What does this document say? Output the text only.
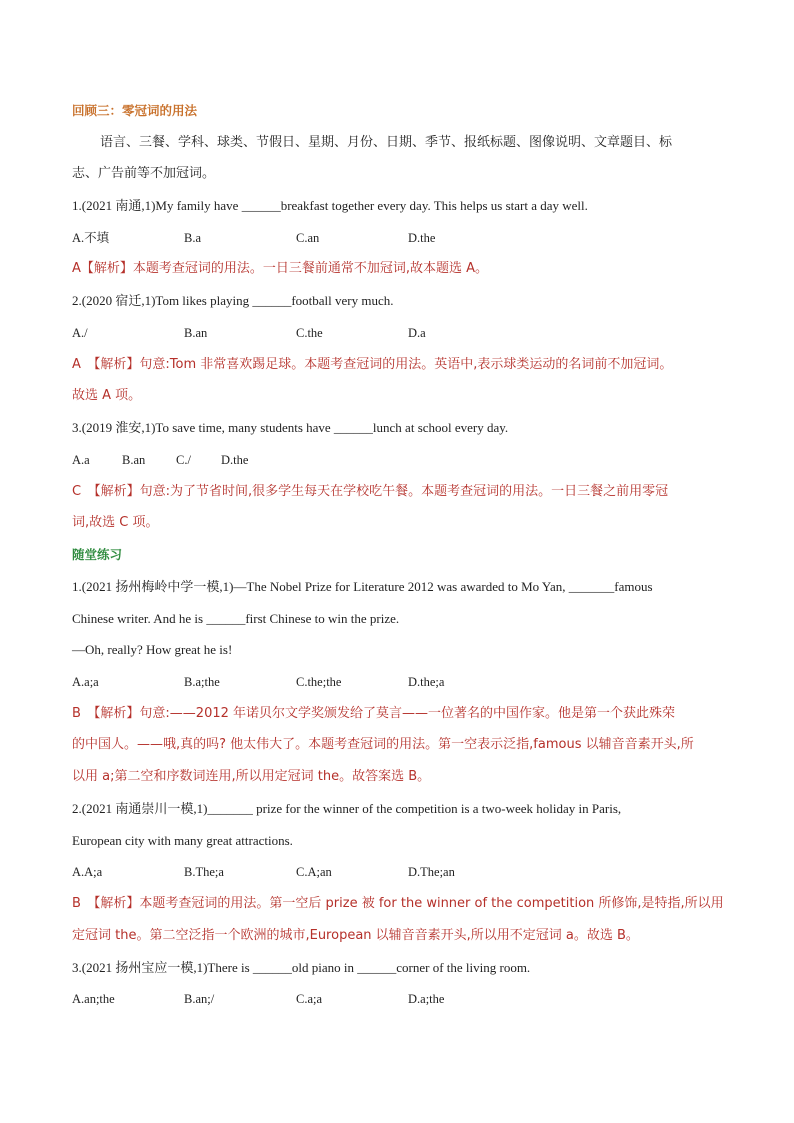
回顾三：零冠词的用法
语言、三餐、学科、球类、节假日、星期、月份、日期、季节、报纸标题、图像说明、文章题目、标
志、广告前等不加冠词。
1.(2021 南通,1)My family have ______breakfast together every day. This helps us start a day well.
A.不填	B.a	C.an	D.the
A【解析】本题考查冠词的用法。一日三餐前通常不加冠词,故本题选 A。
2.(2020 宿迁,1)Tom likes playing ______football very much.
A./	B.an	C.the	D.a
A　【解析】句意:Tom 非常喜欢踢足球。本题考查冠词的用法。英语中,表示球类运动的名词前不加冠词。
故选 A 项。
3.(2019 淮安,1)To save time, many students have ______lunch at school every day.
A.a	B.an C./ D.the
C　【解析】句意:为了节省时间,很多学生每天在学校吃午餐。本题考查冠词的用法。一日三餐之前用零冠
词,故选 C 项。
随堂练习
1.(2021 扬州梅岭中学一模,1)—The Nobel Prize for Literature 2012 was awarded to Mo Yan, _______famous
Chinese writer. And he is ______first Chinese to win the prize.
—Oh, really? How great he is!
A.a;a	B.a;the	C.the;the	D.the;a
B　【解析】句意:——2012 年诺贝尔文学奖颁发给了莫言——一位著名的中国作家。他是第一个获此殊荣
的中国人。——哦,真的吗? 他太伟大了。本题考查冠词的用法。第一空表示泛指,famous 以辅音音素开头,所
以用 a;第二空和序数词连用,所以用定冠词 the。故答案选 B。
2.(2021 南通崇川一模,1)_______ prize for the winner of the competition is a two-week holiday in Paris,
European city with many great attractions.
A.A;a	B.The;a	C.A;an	D.The;an
B　【解析】本题考查冠词的用法。第一空后 prize 被 for the winner of the competition 所修饰,是特指,所以用
定冠词 the。第二空泛指一个欧洲的城市,European 以辅音音素开头,所以用不定冠词 a。故选 B。
3.(2021 扬州宝应一模,1)There is ______old piano in ______corner of the living room.
A.an;the	B.an;/	C.a;a	D.a;the
